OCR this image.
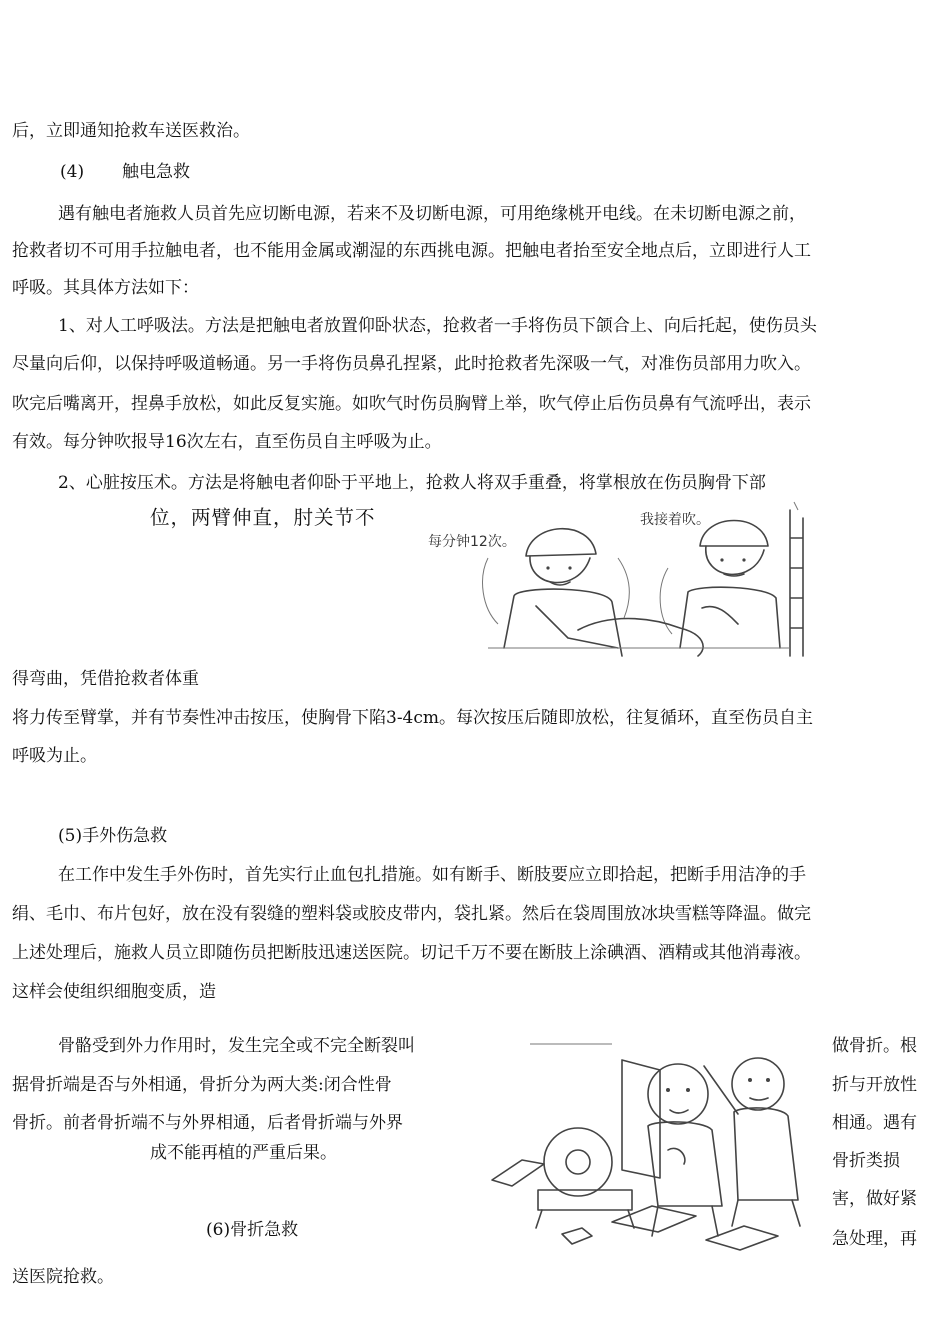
后，立即通知抢救车送医救治。
(4) 触电急救
遇有触电者施救人员首先应切断电源，若来不及切断电源，可用绝缘桃开电线。在未切断电源之前，
抢救者切不可用手拉触电者，也不能用金属或潮湿的东西挑电源。把触电者抬至安全地点后，立即进行人工
呼吸。其具体方法如下：
1、对人工呼吸法。方法是把触电者放置仰卧状态，抢救者一手将伤员下颌合上、向后托起，使伤员头
尽量向后仰，以保持呼吸道畅通。另一手将伤员鼻孔捏紧，此时抢救者先深吸一气，对准伤员部用力吹入。
吹完后嘴离开，捏鼻手放松，如此反复实施。如吹气时伤员胸臂上举，吹气停止后伤员鼻有气流呼出，表示
有效。每分钟吹报导16次左右，直至伤员自主呼吸为止。
2、心脏按压术。方法是将触电者仰卧于平地上，抢救人将双手重叠，将掌根放在伤员胸骨下部
位，两臂伸直，肘关节不
每分钟12次。
我接着吹。
得弯曲，凭借抢救者体重
将力传至臂掌，并有节奏性冲击按压，使胸骨下陷3-4cm。每次按压后随即放松，往复循环，直至伤员自主
呼吸为止。
(5)手外伤急救
在工作中发生手外伤时，首先实行止血包扎措施。如有断手、断肢要应立即拾起，把断手用洁净的手
绢、毛巾、布片包好，放在没有裂缝的塑料袋或胶皮带内，袋扎紧。然后在袋周围放冰块雪糕等降温。做完
上述处理后，施救人员立即随伤员把断肢迅速送医院。切记千万不要在断肢上涂碘酒、酒精或其他消毒液。
这样会使组织细胞变质，造
骨骼受到外力作用时，发生完全或不完全断裂叫
据骨折端是否与外相通，骨折分为两大类:闭合性骨
骨折。前者骨折端不与外界相通，后者骨折端与外界
成不能再植的严重后果。
(6)骨折急救
做骨折。根
折与开放性
相通。遇有
骨折类损
害，做好紧
急处理，再
送医院抢救。
